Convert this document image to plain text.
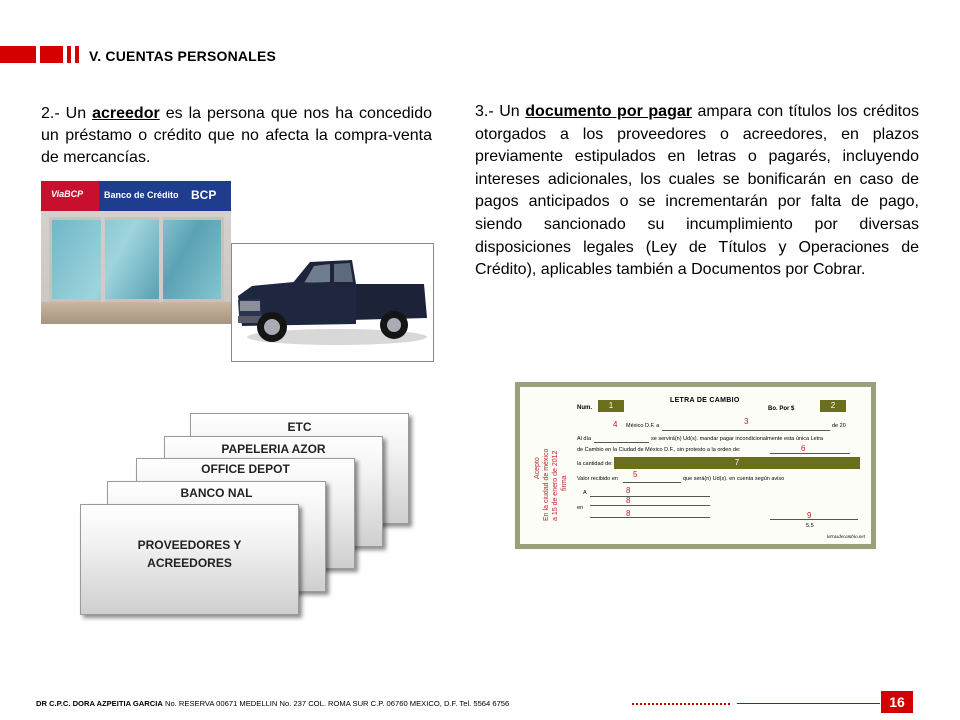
V. CUENTAS PERSONALES
2.- Un acreedor es la persona que nos ha concedido un préstamo o crédito que no afecta la compra-venta de mercancías.
3.- Un documento por pagar ampara con títulos los créditos otorgados a los proveedores o acreedores, en plazos previamente estipulados en letras o pagarés, incluyendo intereses adicionales, los cuales se bonificarán en caso de pagos anticipados o se incrementarán por falta de pago, siendo sancionado su incumplimiento por diversas disposiciones legales (Ley de Títulos y Operaciones de Crédito), aplicables también a Documentos por Cobrar.
ViaBCP Banco de Crédito BCP
Acepto En la ciudad de méxico a 15 de enero de 2012 firma
LETRA DE CAMBIO
Num.	1	Bo. Por $	2
4 México D.F. a	3	de 20
Al día	se servirá(n) Ud(s). mandar pagar incondicionalmente esta única Letra
de Cambio en la Ciudad de México D.F., sin protesto a la orden de:	6
la cantidad de:	7
Valor recibido en 5	que será(n) Ud(s). en cuenta según aviso
A	8
8
en
8	9
5.5
letrasdecambio.net
ETC
PAPELERIA AZOR
OFFICE DEPOT
BANCO NAL
PROVEEDORES Y
ACREEDORES
DR C.P.C. DORA AZPEITIA GARCIA No. RESERVA 00671 MEDELLIN No. 237 COL. ROMA SUR C.P. 06760 MEXICO, D.F. Tel. 5564 6756	16
